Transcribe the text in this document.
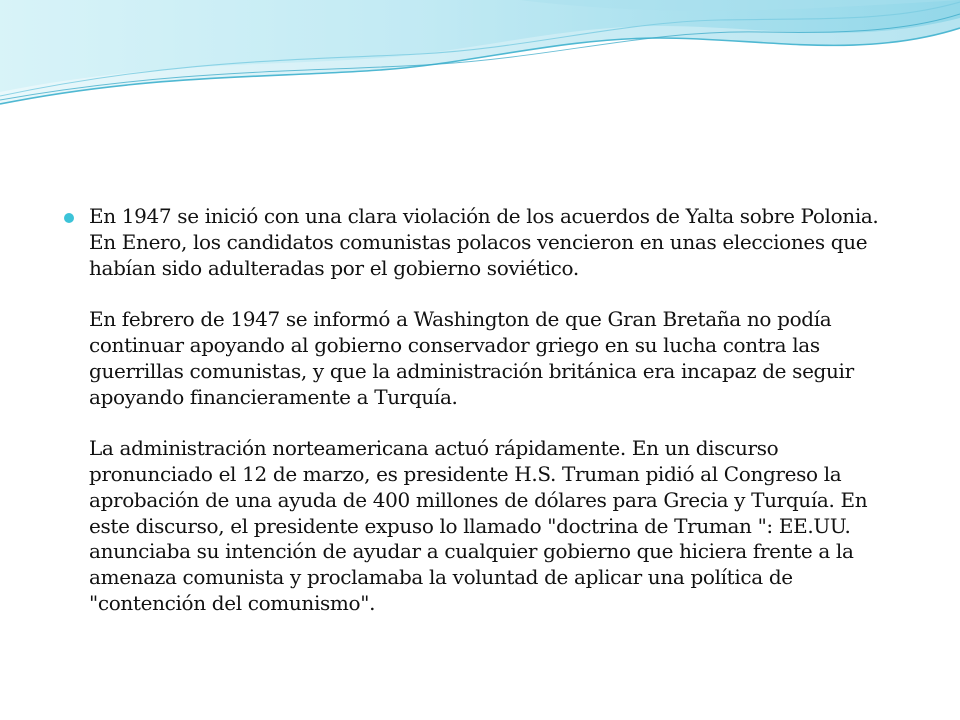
En 1947 se inició con una clara violación de los acuerdos de Yalta sobre Polonia. En Enero, los candidatos comunistas polacos vencieron en unas elecciones que habían sido adulteradas por el gobierno soviético.

En febrero de 1947 se informó a Washington de que Gran Bretaña no podía continuar apoyando al gobierno conservador griego en su lucha contra las guerrillas comunistas, y que la administración británica era incapaz de seguir apoyando financieramente a Turquía.

La administración norteamericana actuó rápidamente. En un discurso pronunciado el 12 de marzo, es presidente H.S. Truman pidió al Congreso la aprobación de una ayuda de 400 millones de dólares para Grecia y Turquía. En este discurso, el presidente expuso lo llamado "doctrina de Truman ": EE.UU. anunciaba su intención de ayudar a cualquier gobierno que hiciera frente a la amenaza comunista y proclamaba la voluntad de aplicar una política de "contención del comunismo".
